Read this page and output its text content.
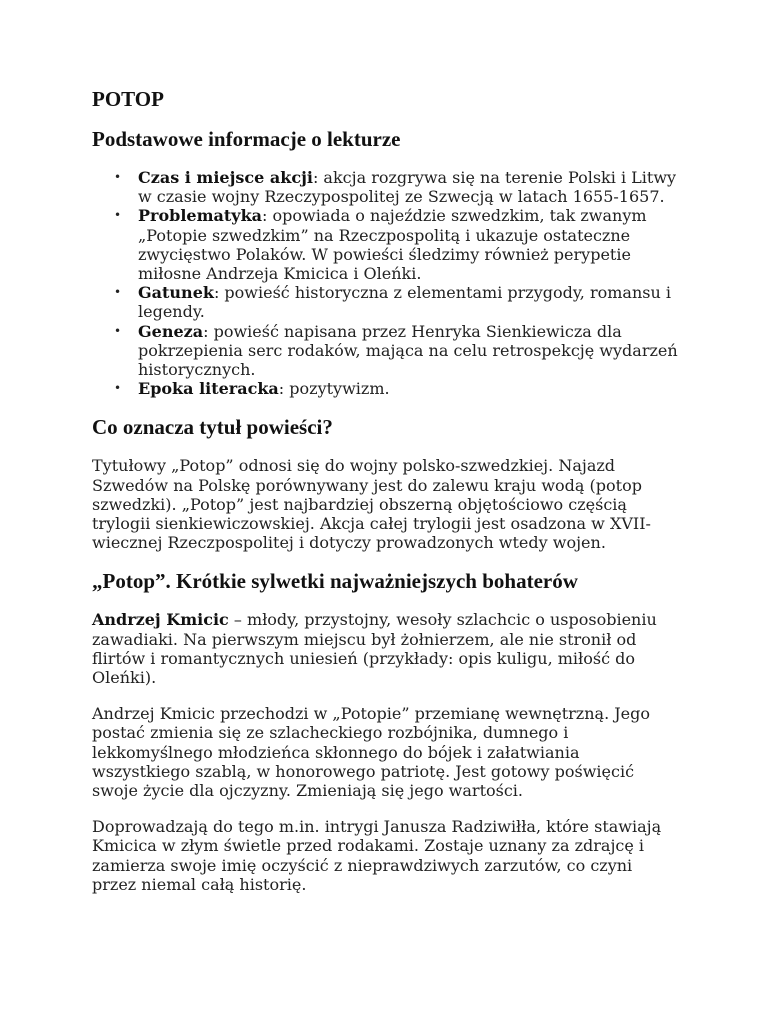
POTOP
Podstawowe informacje o lekturze
• Czas i miejsce akcji: akcja rozgrywa się na terenie Polski i Litwy w czasie wojny Rzeczypospolitej ze Szwecją w latach 1655-1657.
• Problematyka: opowiada o najeździe szwedzkim, tak zwanym „Potopie szwedzkim” na Rzeczpospolitą i ukazuje ostateczne zwycięstwo Polaków. W powieści śledzimy również perypetie miłosne Andrzeja Kmicica i Oleńki.
• Gatunek: powieść historyczna z elementami przygody, romansu i legendy.
• Geneza: powieść napisana przez Henryka Sienkiewicza dla pokrzepienia serc rodaków, mająca na celu retrospekcję wydarzeń historycznych.
• Epoka literacka: pozytywizm.
Co oznacza tytuł powieści?

Tytułowy „Potop” odnosi się do wojny polsko-szwedzkiej. Najazd Szwedów na Polskę porównywany jest do zalewu kraju wodą (potop szwedzki). „Potop” jest najbardziej obszerną objętościowo częścią trylogii sienkiewiczowskiej. Akcja całej trylogii jest osadzona w XVII-wiecznej Rzeczpospolitej i dotyczy prowadzonych wtedy wojen.

„Potop”. Krótkie sylwetki najważniejszych bohaterów

Andrzej Kmicic – młody, przystojny, wesoły szlachcic o usposobieniu zawadiaki. Na pierwszym miejscu był żołnierzem, ale nie stronił od flirtów i romantycznych uniesień (przykłady: opis kuligu, miłość do Oleńki).

Andrzej Kmicic przechodzi w „Potopie” przemianę wewnętrzną. Jego postać zmienia się ze szlacheckiego rozbójnika, dumnego i lekkomyślnego młodzieńca skłonnego do bójek i załatwiania wszystkiego szablą, w honorowego patriotę. Jest gotowy poświęcić swoje życie dla ojczyzny. Zmieniają się jego wartości.

Doprowadzają do tego m.in. intrygi Janusza Radziwiłła, które stawiają Kmicica w złym świetle przed rodakami. Zostaje uznany za zdrajcę i zamierza swoje imię oczyścić z nieprawdziwych zarzutów, co czyni przez niemal całą historię.
